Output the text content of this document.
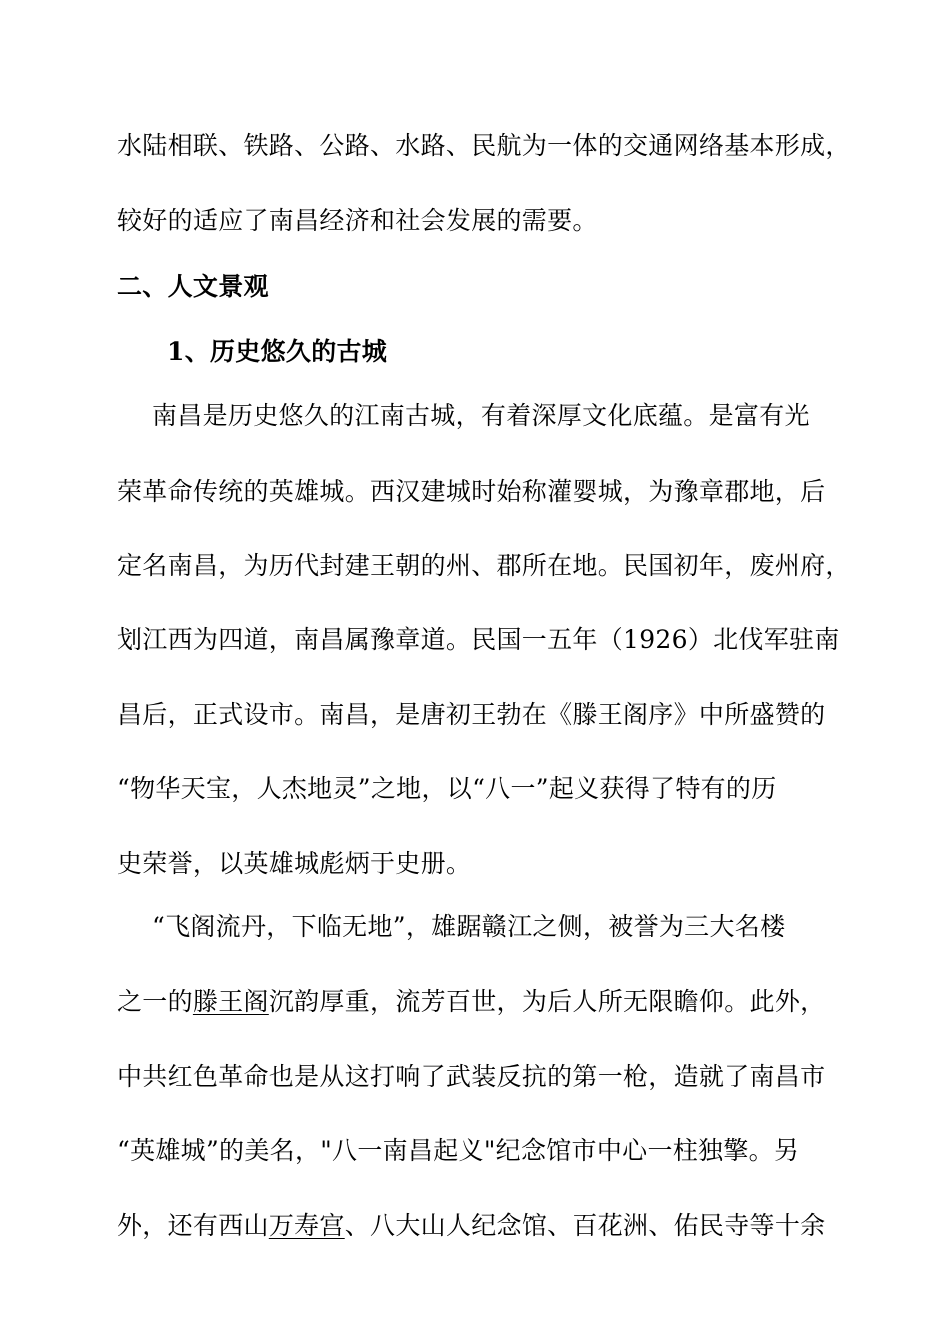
水陆相联、铁路、公路、水路、民航为一体的交通网络基本形成，
较好的适应了南昌经济和社会发展的需要。
二、人文景观
1、历史悠久的古城
南昌是历史悠久的江南古城，有着深厚文化底蕴。是富有光
荣革命传统的英雄城。西汉建城时始称灌婴城，为豫章郡地，后
定名南昌，为历代封建王朝的州、郡所在地。民国初年，废州府，
划江西为四道，南昌属豫章道。民国一五年（1926）北伐军驻南
昌后，正式设市。南昌，是唐初王勃在《滕王阁序》中所盛赞的
“物华天宝，人杰地灵”之地，以“八一”起义获得了特有的历
史荣誉，以英雄城彪炳于史册。
“飞阁流丹，下临无地”，雄踞赣江之侧，被誉为三大名楼
之一的滕王阁沉韵厚重，流芳百世，为后人所无限瞻仰。此外，
中共红色革命也是从这打响了武装反抗的第一枪，造就了南昌市
“英雄城”的美名，"八一南昌起义"纪念馆市中心一柱独擎。另
外，还有西山万寿宫、八大山人纪念馆、百花洲、佑民寺等十余
